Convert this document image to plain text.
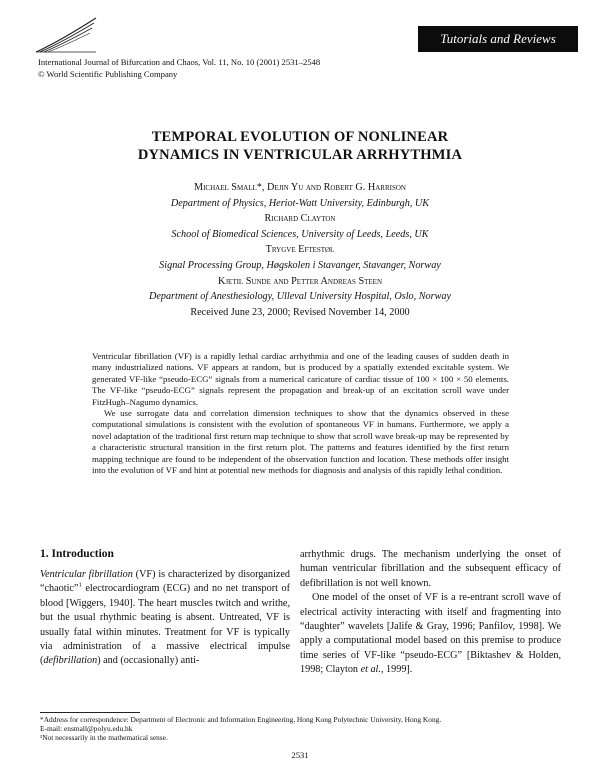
Tutorials and Reviews
International Journal of Bifurcation and Chaos, Vol. 11, No. 10 (2001) 2531–2548
© World Scientific Publishing Company
TEMPORAL EVOLUTION OF NONLINEAR
DYNAMICS IN VENTRICULAR ARRHYTHMIA
Michael Small*, Dejin Yu and Robert G. Harrison
Department of Physics, Heriot-Watt University, Edinburgh, UK
Richard Clayton
School of Biomedical Sciences, University of Leeds, Leeds, UK
Trygve Eftestøl
Signal Processing Group, Høgskolen i Stavanger, Stavanger, Norway
Kjetil Sunde and Petter Andreas Steen
Department of Anesthesiology, Ulleval University Hospital, Oslo, Norway
Received June 23, 2000; Revised November 14, 2000

Ventricular fibrillation (VF) is a rapidly lethal cardiac arrhythmia and one of the leading causes of sudden death in many industrialized nations. VF appears at random, but is produced by a spatially extended excitable system. We generated VF-like “pseudo-ECG” signals from a numerical caricature of cardiac tissue of 100 × 100 × 50 elements. The VF-like “pseudo-ECG” signals represent the propagation and break-up of an excitation scroll wave under FitzHugh–Nagumo dynamics.

We use surrogate data and correlation dimension techniques to show that the dynamics observed in these computational simulations is consistent with the evolution of spontaneous VF in humans. Furthermore, we apply a novel adaptation of the traditional first return map technique to show that scroll wave break-up may be represented by a characteristic structural transition in the first return plot. The patterns and features identified by the first return mapping technique are found to be independent of the observation function and location. These methods offer insight into the evolution of VF and hint at potential new methods for diagnosis and analysis of this rapidly lethal condition.

1. Introduction

Ventricular fibrillation (VF) is characterized by disorganized “chaotic”$^1$ electrocardiogram (ECG) and no net transport of blood [Wiggers, 1940]. The heart muscles twitch and writhe, but the usual rhythmic beating is absent. Untreated, VF is usually fatal within minutes. Treatment for VF is typically via administration of a massive electrical impulse (defibrillation) and (occasionally) anti-

arrhythmic drugs. The mechanism underlying the onset of human ventricular fibrillation and the subsequent efficacy of defibrillation is not well known.

One model of the onset of VF is a re-entrant scroll wave of electrical activity interacting with itself and fragmenting into “daughter” wavelets [Jalife & Gray, 1996; Panfilov, 1998]. We apply a computational model based on this premise to produce time series of VF-like “pseudo-ECG” [Biktashev & Holden, 1998; Clayton et al., 1999].

*Address for correspondence: Department of Electronic and Information Engineering, Hong Kong Polytechnic University, Hong Kong.
E-mail: ensmall@polyu.edu.hk
¹Not necessarily in the mathematical sense.
2531
